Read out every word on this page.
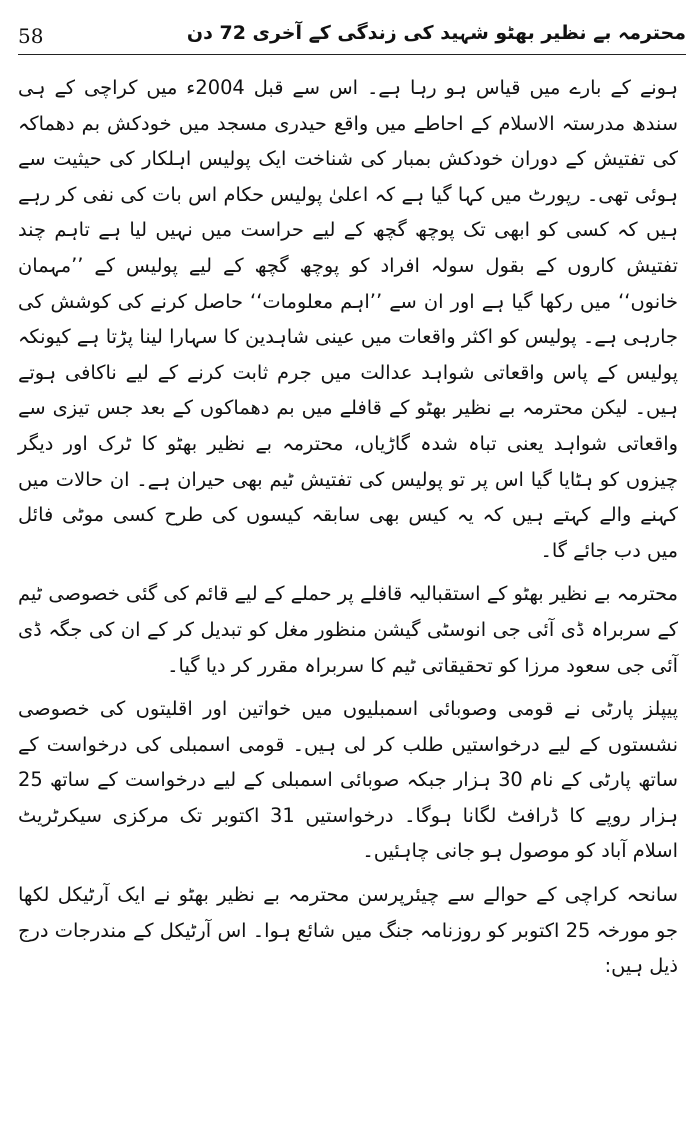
58	محترمہ بے نظیر بھٹو شہید کی زندگی کے آخری 72 دن

ہونے کے بارے میں قیاس ہو رہا ہے۔ اس سے قبل 2004ء میں کراچی کے ہی سندھ مدرستہ الاسلام کے احاطے میں واقع حیدری مسجد میں خودکش بم دھماکہ کی تفتیش کے دوران خودکش بمبار کی شناخت ایک پولیس اہلکار کی حیثیت سے ہوئی تھی۔ رپورٹ میں کہا گیا ہے کہ اعلیٰ پولیس حکام اس بات کی نفی کر رہے ہیں کہ کسی کو ابھی تک پوچھ گچھ کے لیے حراست میں نہیں لیا ہے تاہم چند تفتیش کاروں کے بقول سولہ افراد کو پوچھ گچھ کے لیے پولیس کے ’’مہمان خانوں‘‘ میں رکھا گیا ہے اور ان سے ’’اہم معلومات‘‘ حاصل کرنے کی کوشش کی جارہی ہے۔ پولیس کو اکثر واقعات میں عینی شاہدین کا سہارا لینا پڑتا ہے کیونکہ پولیس کے پاس واقعاتی شواہد عدالت میں جرم ثابت کرنے کے لیے ناکافی ہوتے ہیں۔ لیکن محترمہ بے نظیر بھٹو کے قافلے میں بم دھماکوں کے بعد جس تیزی سے واقعاتی شواہد یعنی تباہ شدہ گاڑیاں، محترمہ بے نظیر بھٹو کا ٹرک اور دیگر چیزوں کو ہٹایا گیا اس پر تو پولیس کی تفتیش ٹیم بھی حیران ہے۔ ان حالات میں کہنے والے کہتے ہیں کہ یہ کیس بھی سابقہ کیسوں کی طرح کسی موٹی فائل میں دب جائے گا۔

محترمہ بے نظیر بھٹو کے استقبالیہ قافلے پر حملے کے لیے قائم کی گئی خصوصی ٹیم کے سربراہ ڈی آئی جی انوسٹی گیشن منظور مغل کو تبدیل کر کے ان کی جگہ ڈی آئی جی سعود مرزا کو تحقیقاتی ٹیم کا سربراہ مقرر کر دیا گیا۔

پیپلز پارٹی نے قومی وصوبائی اسمبلیوں میں خواتین اور اقلیتوں کی خصوصی نشستوں کے لیے درخواستیں طلب کر لی ہیں۔ قومی اسمبلی کی درخواست کے ساتھ پارٹی کے نام 30 ہزار جبکہ صوبائی اسمبلی کے لیے درخواست کے ساتھ 25 ہزار روپے کا ڈرافٹ لگانا ہوگا۔ درخواستیں 31 اکتوبر تک مرکزی سیکرٹریٹ اسلام آباد کو موصول ہو جانی چاہئیں۔

سانحہ کراچی کے حوالے سے چیئرپرسن محترمہ بے نظیر بھٹو نے ایک آرٹیکل لکھا جو مورخہ 25 اکتوبر کو روزنامہ جنگ میں شائع ہوا۔ اس آرٹیکل کے مندرجات درج ذیل ہیں:
